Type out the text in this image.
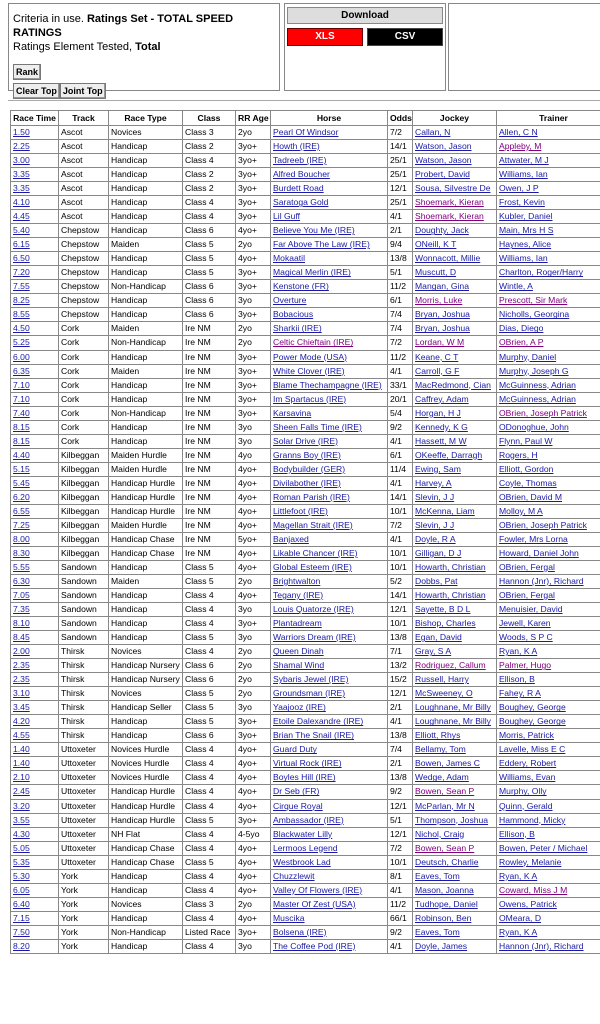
Criteria in use. Ratings Set - TOTAL SPEED RATINGS
Ratings Element Tested, Total
Rank
Clear Top Joint Top
Download
XLS	CSV
Race Time	Track	Race Type	Class	RR Age	Horse	Odds	Jockey	Trainer
1.50	Ascot	Novices	Class 3	2yo	Pearl Of Windsor	7/2	Callan, N	Allen, C N
2.25	Ascot	Handicap	Class 2	3yo+	Howth (IRE)	14/1	Watson, Jason	Appleby, M
3.00	Ascot	Handicap	Class 4	3yo+	Tadreeb (IRE)	25/1	Watson, Jason	Attwater, M J
3.35	Ascot	Handicap	Class 2	3yo+	Alfred Boucher	25/1	Probert, David	Williams, Ian
3.35	Ascot	Handicap	Class 2	3yo+	Burdett Road	12/1	Sousa, Silvestre De	Owen, J P
4.10	Ascot	Handicap	Class 4	3yo+	Saratoga Gold	25/1	Shoemark, Kieran	Frost, Kevin
4.45	Ascot	Handicap	Class 4	3yo+	Lil Guff	4/1	Shoemark, Kieran	Kubler, Daniel
5.40	Chepstow	Handicap	Class 6	4yo+	Believe You Me (IRE)	2/1	Doughty, Jack	Main, Mrs H S
6.15	Chepstow	Maiden	Class 5	2yo	Far Above The Law (IRE)	9/4	ONeill, K T	Haynes, Alice
6.50	Chepstow	Handicap	Class 5	4yo+	Mokaatil	13/8	Wonnacott, Millie	Williams, Ian
7.20	Chepstow	Handicap	Class 5	3yo+	Magical Merlin (IRE)	5/1	Muscutt, D	Charlton, Roger/Harry
7.55	Chepstow	Non-Handicap	Class 6	3yo+	Kenstone (FR)	11/2	Mangan, Gina	Wintle, A
8.25	Chepstow	Handicap	Class 6	3yo	Overture	6/1	Morris, Luke	Prescott, Sir Mark
8.55	Chepstow	Handicap	Class 6	3yo+	Bobacious	7/4	Bryan, Joshua	Nicholls, Georgina
4.50	Cork	Maiden	Ire NM	2yo	Sharkii (IRE)	7/4	Bryan, Joshua	Dias, Diego
5.25	Cork	Non-Handicap	Ire NM	2yo	Celtic Chieftain (IRE)	7/2	Lordan, W M	OBrien, A P
6.00	Cork	Handicap	Ire NM	3yo+	Power Mode (USA)	11/2	Keane, C T	Murphy, Daniel
6.35	Cork	Maiden	Ire NM	3yo+	White Clover (IRE)	4/1	Carroll, G F	Murphy, Joseph G
7.10	Cork	Handicap	Ire NM	3yo+	Blame Thechampagne (IRE)	33/1	MacRedmond, Cian	McGuinness, Adrian
7.10	Cork	Handicap	Ire NM	3yo+	Im Spartacus (IRE)	20/1	Caffrey, Adam	McGuinness, Adrian
7.40	Cork	Non-Handicap	Ire NM	3yo+	Karsavina	5/4	Horgan, H J	OBrien, Joseph Patrick
8.15	Cork	Handicap	Ire NM	3yo	Sheen Falls Time (IRE)	9/2	Kennedy, K G	ODonoghue, John
8.15	Cork	Handicap	Ire NM	3yo	Solar Drive (IRE)	4/1	Hassett, M W	Flynn, Paul W
4.40	Kilbeggan	Maiden Hurdle	Ire NM	4yo	Granns Boy (IRE)	6/1	OKeeffe, Darragh	Rogers, H
5.15	Kilbeggan	Maiden Hurdle	Ire NM	4yo+	Bodybuilder (GER)	11/4	Ewing, Sam	Elliott, Gordon
5.45	Kilbeggan	Handicap Hurdle	Ire NM	4yo+	Divilabother (IRE)	4/1	Harvey, A	Coyle, Thomas
6.20	Kilbeggan	Handicap Hurdle	Ire NM	4yo+	Roman Parish (IRE)	14/1	Slevin, J J	OBrien, David M
6.55	Kilbeggan	Handicap Hurdle	Ire NM	4yo+	Littlefoot (IRE)	10/1	McKenna, Liam	Molloy, M A
7.25	Kilbeggan	Maiden Hurdle	Ire NM	4yo+	Magellan Strait (IRE)	7/2	Slevin, J J	OBrien, Joseph Patrick
8.00	Kilbeggan	Handicap Chase	Ire NM	5yo+	Banjaxed	4/1	Doyle, R A	Fowler, Mrs Lorna
8.30	Kilbeggan	Handicap Chase	Ire NM	4yo+	Likable Chancer (IRE)	10/1	Gilligan, D J	Howard, Daniel John
5.55	Sandown	Handicap	Class 5	4yo+	Global Esteem (IRE)	10/1	Howarth, Christian	OBrien, Fergal
6.30	Sandown	Maiden	Class 5	2yo	Brightwalton	5/2	Dobbs, Pat	Hannon (Jnr), Richard
7.05	Sandown	Handicap	Class 4	4yo+	Tegany (IRE)	14/1	Howarth, Christian	OBrien, Fergal
7.35	Sandown	Handicap	Class 4	3yo	Louis Quatorze (IRE)	12/1	Sayette, B D L	Menuisier, David
8.10	Sandown	Handicap	Class 4	3yo+	Plantadream	10/1	Bishop, Charles	Jewell, Karen
8.45	Sandown	Handicap	Class 5	3yo	Warriors Dream (IRE)	13/8	Egan, David	Woods, S P C
2.00	Thirsk	Novices	Class 4	2yo	Queen Dinah	7/1	Gray, S A	Ryan, K A
2.35	Thirsk	Handicap Nursery	Class 6	2yo	Shamal Wind	13/2	Rodriguez, Callum	Palmer, Hugo
2.35	Thirsk	Handicap Nursery	Class 6	2yo	Sybaris Jewel (IRE)	15/2	Russell, Harry	Ellison, B
3.10	Thirsk	Novices	Class 5	2yo	Groundsman (IRE)	12/1	McSweeney, O	Fahey, R A
3.45	Thirsk	Handicap Seller	Class 5	3yo	Yaajooz (IRE)	2/1	Loughnane, Mr Billy	Boughey, George
4.20	Thirsk	Handicap	Class 5	3yo+	Etoile Dalexandre (IRE)	4/1	Loughnane, Mr Billy	Boughey, George
4.55	Thirsk	Handicap	Class 6	3yo+	Brian The Snail (IRE)	13/8	Elliott, Rhys	Morris, Patrick
1.40	Uttoxeter	Novices Hurdle	Class 4	4yo+	Guard Duty	7/4	Bellamy, Tom	Lavelle, Miss E C
1.40	Uttoxeter	Novices Hurdle	Class 4	4yo+	Virtual Rock (IRE)	2/1	Bowen, James C	Eddery, Robert
2.10	Uttoxeter	Novices Hurdle	Class 4	4yo+	Boyles Hill (IRE)	13/8	Wedge, Adam	Williams, Evan
2.45	Uttoxeter	Handicap Hurdle	Class 4	4yo+	Dr Seb (FR)	9/2	Bowen, Sean P	Murphy, Olly
3.20	Uttoxeter	Handicap Hurdle	Class 4	4yo+	Cirque Royal	12/1	McParlan, Mr N	Quinn, Gerald
3.55	Uttoxeter	Handicap Hurdle	Class 5	3yo+	Ambassador (IRE)	5/1	Thompson, Joshua	Hammond, Micky
4.30	Uttoxeter	NH Flat	Class 4	4-5yo	Blackwater Lilly	12/1	Nichol, Craig	Ellison, B
5.05	Uttoxeter	Handicap Chase	Class 4	4yo+	Lermoos Legend	7/2	Bowen, Sean P	Bowen, Peter / Michael
5.35	Uttoxeter	Handicap Chase	Class 5	4yo+	Westbrook Lad	10/1	Deutsch, Charlie	Rowley, Melanie
5.30	York	Handicap	Class 4	4yo+	Chuzzlewit	8/1	Eaves, Tom	Ryan, K A
6.05	York	Handicap	Class 4	4yo+	Valley Of Flowers (IRE)	4/1	Mason, Joanna	Coward, Miss J M
6.40	York	Novices	Class 3	2yo	Master Of Zest (USA)	11/2	Tudhope, Daniel	Owens, Patrick
7.15	York	Handicap	Class 4	4yo+	Muscika	66/1	Robinson, Ben	OMeara, D
7.50	York	Non-Handicap	Listed Race	3yo+	Bolsena (IRE)	9/2	Eaves, Tom	Ryan, K A
8.20	York	Handicap	Class 4	3yo	The Coffee Pod (IRE)	4/1	Doyle, James	Hannon (Jnr), Richard
